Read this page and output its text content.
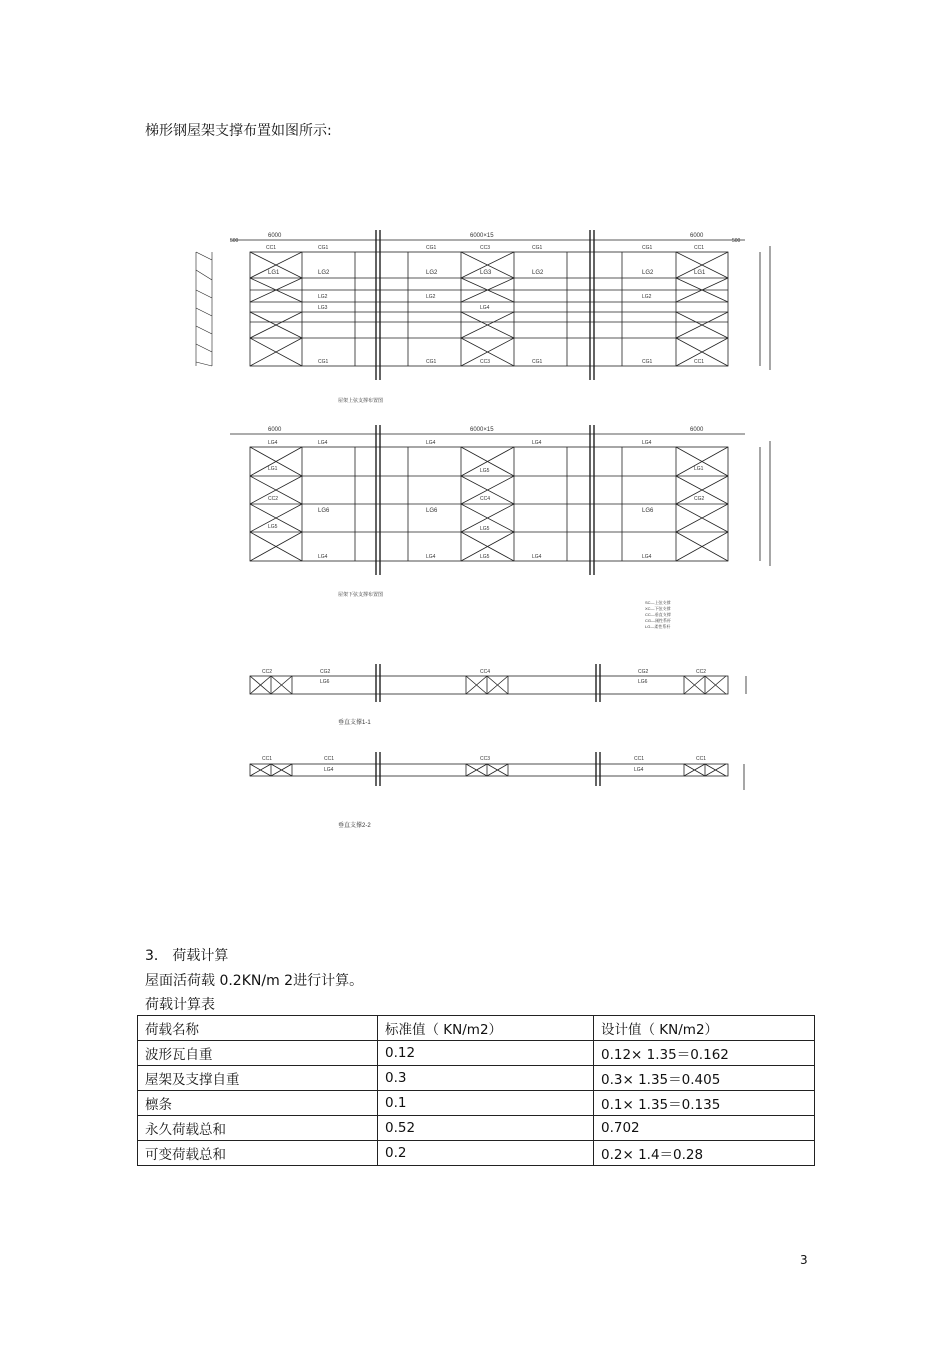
梯形钢屋架支撑布置如图所示:
6000	6000×15	6000
500	500
CC1	CG1	CG1	CC3	CG1	CG1	CC1
LG1	LG2	LG2	LG3	LG2	LG2	LG1
LG2
LG3
LG2
LG4
LG2
CG1	CG1	CC3	CG1	CG1	CC1
屋架上弦支撑布置图
6000	6000×15	6000
LG4	LG4	LG4	LG4
LG4
LG1
CC2
LG5
CG2
LG1
LG5
LG6
CC4
LG6
LG5
LG6
LG4	LG4	LG5	LG4	LG4
屋架下弦支撑布置图
SC—上弦支撑
XC—下弦支撑
CC—垂直支撑
CG—刚性系杆
LG—柔性系杆
CC2	CG2	CC4	CG2	CC2
LG6	LG6
垂直支撑1-1
CC1	CC1	CC3	CC1	CC1
LG4	LG4
垂直支撑2-2
3． 荷载计算
屋面活荷载 0.2KN/m 2进行计算。
荷载计算表
荷载名称	标准值（ KN/m2）	设计值（ KN/m2）
波形瓦自重	0.12	0.12× 1.35＝0.162
屋架及支撑自重	0.3	0.3× 1.35＝0.405
檩条	0.1	0.1× 1.35＝0.135
永久荷载总和	0.52	0.702
可变荷载总和	0.2	0.2× 1.4＝0.28
3
